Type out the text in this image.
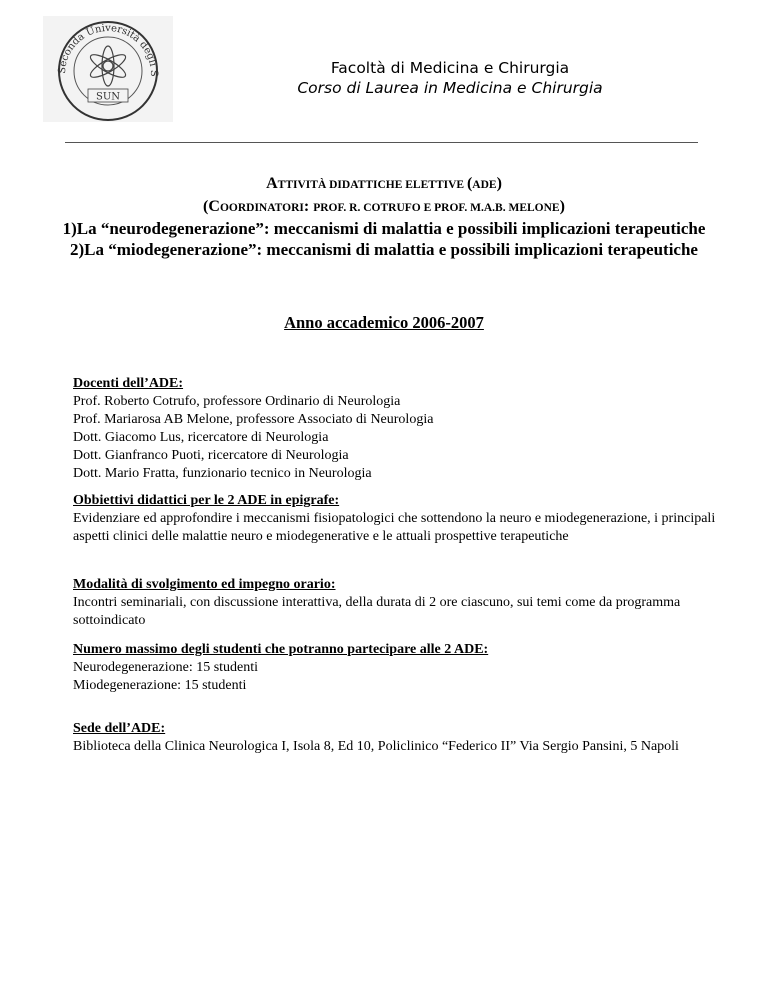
Seconda Università degli S
SUN
Facoltà di Medicina e Chirurgia
Corso di Laurea in Medicina e Chirurgia
ATTIVITÀ DIDATTICHE ELETTIVE (ADE)
(COORDINATORI: PROF. R. COTRUFO E PROF. M.A.B. MELONE)
1)La “neurodegenerazione”: meccanismi di malattia e possibili implicazioni terapeutiche
2)La “miodegenerazione”: meccanismi di malattia e possibili implicazioni terapeutiche
Anno accademico 2006-2007
Docenti dell’ADE:

Prof. Roberto Cotrufo, professore Ordinario di Neurologia

Prof. Mariarosa AB Melone, professore Associato di Neurologia

Dott. Giacomo Lus, ricercatore di Neurologia

Dott. Gianfranco Puoti, ricercatore di Neurologia

Dott. Mario Fratta, funzionario tecnico in Neurologia

Obbiettivi didattici per le 2 ADE in epigrafe:

Evidenziare ed approfondire i meccanismi fisiopatologici che sottendono la neuro e miodegenerazione, i principali aspetti clinici delle malattie neuro e miodegenerative e le attuali prospettive terapeutiche

Modalità di svolgimento ed impegno orario:

Incontri seminariali, con discussione interattiva, della durata di 2 ore ciascuno, sui temi come da programma sottoindicato

Numero massimo degli studenti che potranno partecipare alle 2 ADE:

Neurodegenerazione: 15 studenti

Miodegenerazione: 15 studenti

Sede dell’ADE:

Biblioteca della Clinica Neurologica I, Isola 8, Ed 10, Policlinico “Federico II” Via Sergio Pansini, 5 Napoli
